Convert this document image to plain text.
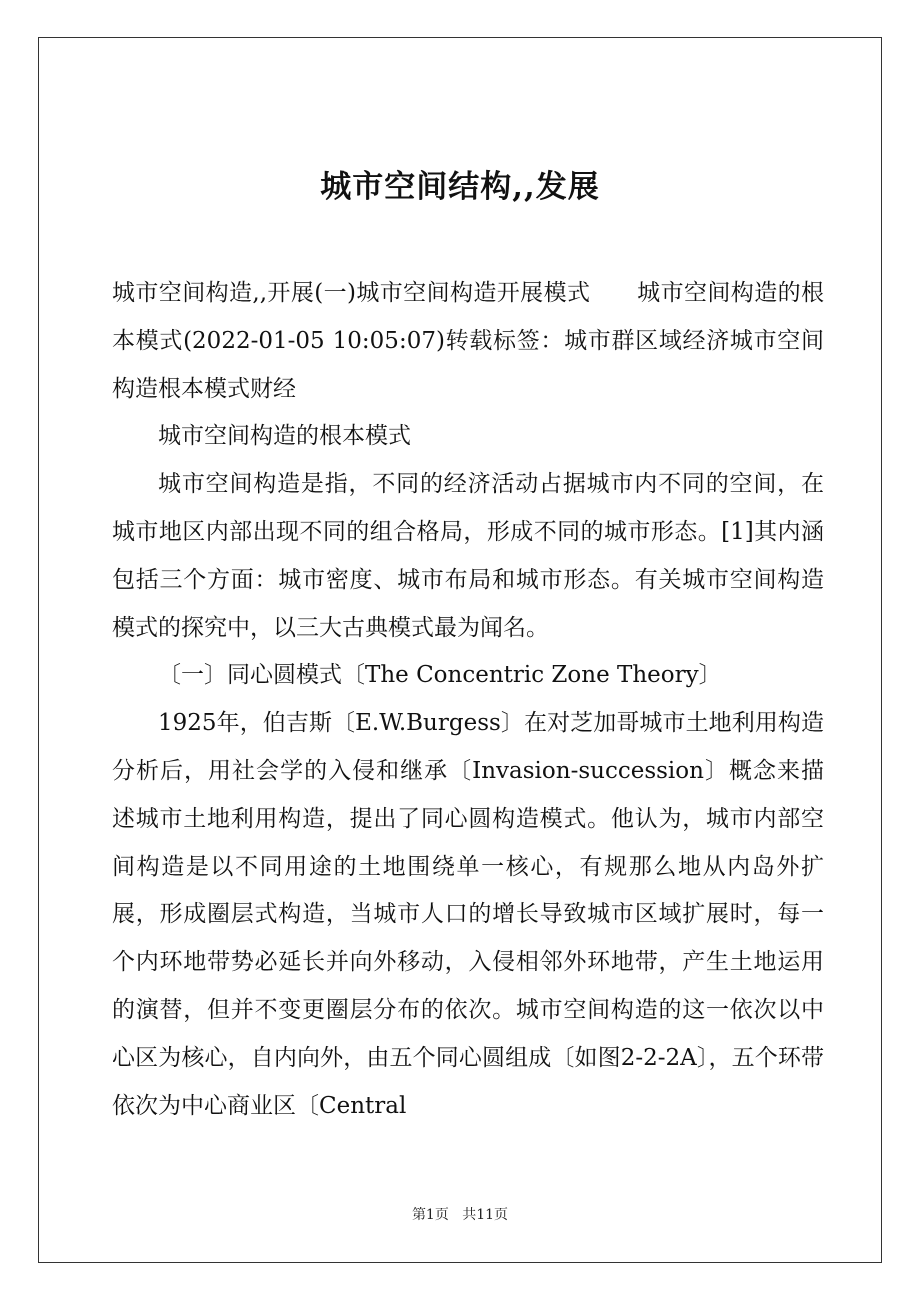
城市空间结构,,发展

城市空间构造,,开展(一)城市空间构造开展模式　　城市空间构造的根本模式(2022-01-05 10:05:07)转载标签：城市群区域经济城市空间构造根本模式财经

城市空间构造的根本模式

城市空间构造是指，不同的经济活动占据城市内不同的空间，在城市地区内部出现不同的组合格局，形成不同的城市形态。[1]其内涵包括三个方面：城市密度、城市布局和城市形态。有关城市空间构造模式的探究中，以三大古典模式最为闻名。

〔一〕同心圆模式〔The Concentric Zone Theory〕

1925年，伯吉斯〔E.W.Burgess〕在对芝加哥城市土地利用构造分析后，用社会学的入侵和继承〔Invasion-succession〕概念来描述城市土地利用构造，提出了同心圆构造模式。他认为，城市内部空间构造是以不同用途的土地围绕单一核心，有规那么地从内岛外扩展，形成圈层式构造，当城市人口的增长导致城市区域扩展时，每一个内环地带势必延长并向外移动，入侵相邻外环地带，产生土地运用的演替，但并不变更圈层分布的依次。城市空间构造的这一依次以中心区为核心，自内向外，由五个同心圆组成〔如图2-2-2A〕，五个环带依次为中心商业区〔Central

第1页 共11页
